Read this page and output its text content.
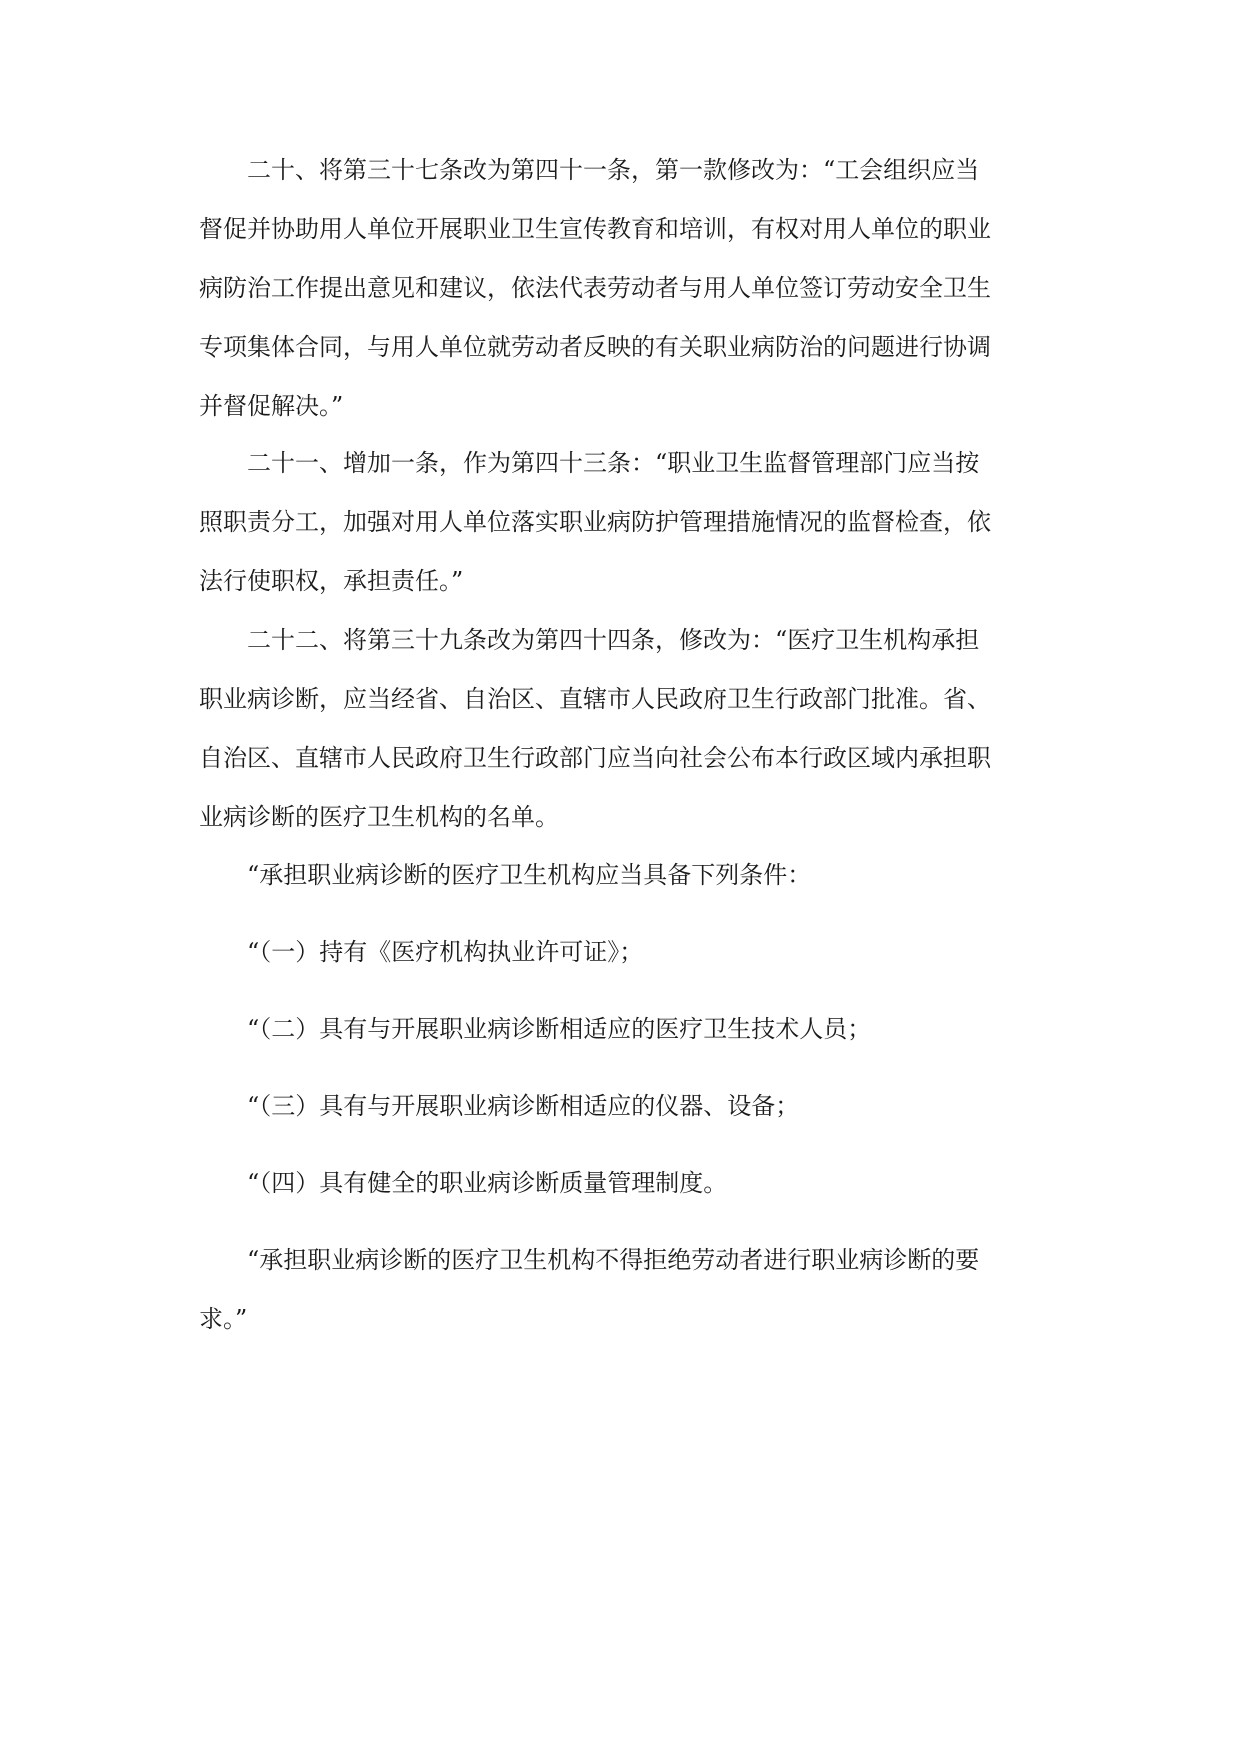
二十、将第三十七条改为第四十一条，第一款修改为：“工会组织应当
督促并协助用人单位开展职业卫生宣传教育和培训，有权对用人单位的职业
病防治工作提出意见和建议，依法代表劳动者与用人单位签订劳动安全卫生
专项集体合同，与用人单位就劳动者反映的有关职业病防治的问题进行协调
并督促解决。”
二十一、增加一条，作为第四十三条：“职业卫生监督管理部门应当按
照职责分工，加强对用人单位落实职业病防护管理措施情况的监督检查，依
法行使职权，承担责任。”
二十二、将第三十九条改为第四十四条，修改为：“医疗卫生机构承担
职业病诊断，应当经省、自治区、直辖市人民政府卫生行政部门批准。省、
自治区、直辖市人民政府卫生行政部门应当向社会公布本行政区域内承担职
业病诊断的医疗卫生机构的名单。
“承担职业病诊断的医疗卫生机构应当具备下列条件：
“（一）持有《医疗机构执业许可证》；
“（二）具有与开展职业病诊断相适应的医疗卫生技术人员；
“（三）具有与开展职业病诊断相适应的仪器、设备；
“（四）具有健全的职业病诊断质量管理制度。
“承担职业病诊断的医疗卫生机构不得拒绝劳动者进行职业病诊断的要
求。”
